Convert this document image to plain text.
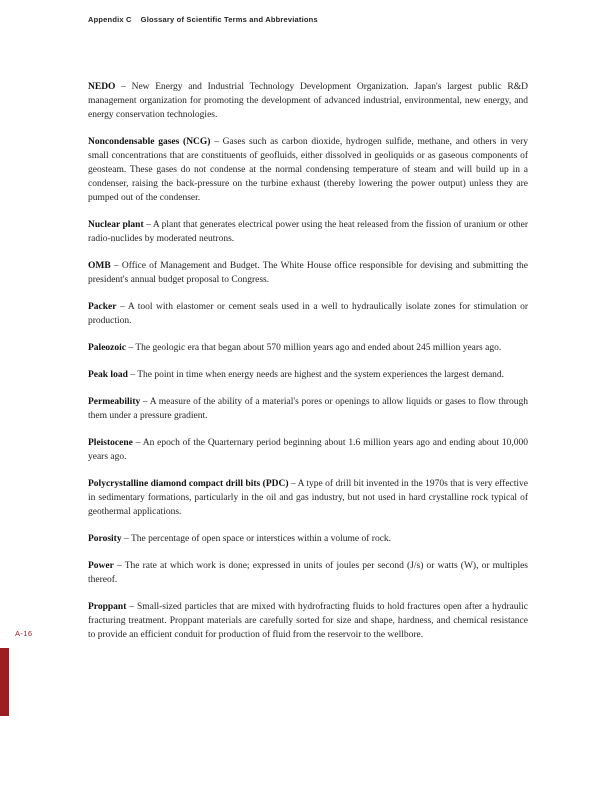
Appendix C Glossary of Scientific Terms and Abbreviations

NEDO – New Energy and Industrial Technology Development Organization. Japan's largest public R&D management organization for promoting the development of advanced industrial, environmental, new energy, and energy conservation technologies.

Noncondensable gases (NCG) – Gases such as carbon dioxide, hydrogen sulfide, methane, and others in very small concentrations that are constituents of geofluids, either dissolved in geoliquids or as gaseous components of geosteam. These gases do not condense at the normal condensing temperature of steam and will build up in a condenser, raising the back-pressure on the turbine exhaust (thereby lowering the power output) unless they are pumped out of the condenser.

Nuclear plant – A plant that generates electrical power using the heat released from the fission of uranium or other radio-nuclides by moderated neutrons.

OMB – Office of Management and Budget. The White House office responsible for devising and submitting the president's annual budget proposal to Congress.

Packer – A tool with elastomer or cement seals used in a well to hydraulically isolate zones for stimulation or production.

Paleozoic – The geologic era that began about 570 million years ago and ended about 245 million years ago.

Peak load – The point in time when energy needs are highest and the system experiences the largest demand.

Permeability – A measure of the ability of a material's pores or openings to allow liquids or gases to flow through them under a pressure gradient.

Pleistocene – An epoch of the Quarternary period beginning about 1.6 million years ago and ending about 10,000 years ago.

Polycrystalline diamond compact drill bits (PDC) – A type of drill bit invented in the 1970s that is very effective in sedimentary formations, particularly in the oil and gas industry, but not used in hard crystalline rock typical of geothermal applications.

Porosity – The percentage of open space or interstices within a volume of rock.

Power – The rate at which work is done; expressed in units of joules per second (J/s) or watts (W), or multiples thereof.

Proppant – Small-sized particles that are mixed with hydrofracting fluids to hold fractures open after a hydraulic fracturing treatment. Proppant materials are carefully sorted for size and shape, hardness, and chemical resistance to provide an efficient conduit for production of fluid from the reservoir to the wellbore.

A-16
